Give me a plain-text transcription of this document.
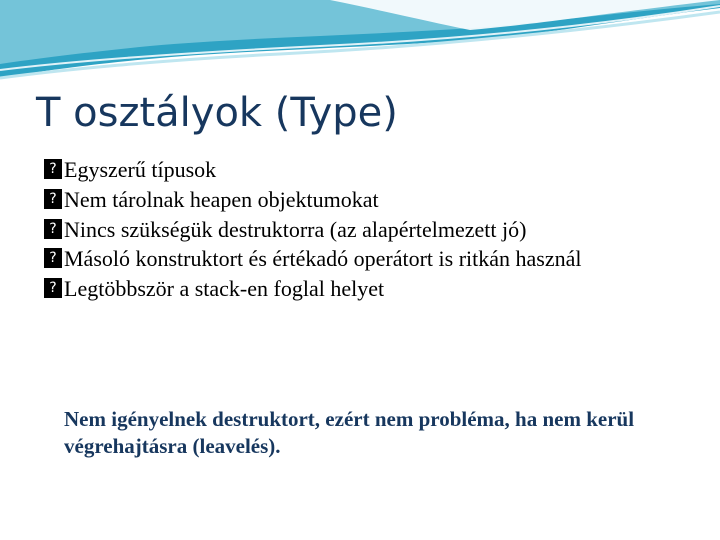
T osztályok (Type)
? Egyszerű típusok
? Nem tárolnak heapen objektumokat
? Nincs szükségük destruktorra (az alapértelmezett jó)
? Másoló konstruktort és értékadó operátort is ritkán használ
? Legtöbbször a stack-en foglal helyet

Nem igényelnek destruktort, ezért nem probléma, ha nem kerül végrehajtásra (leavelés).
